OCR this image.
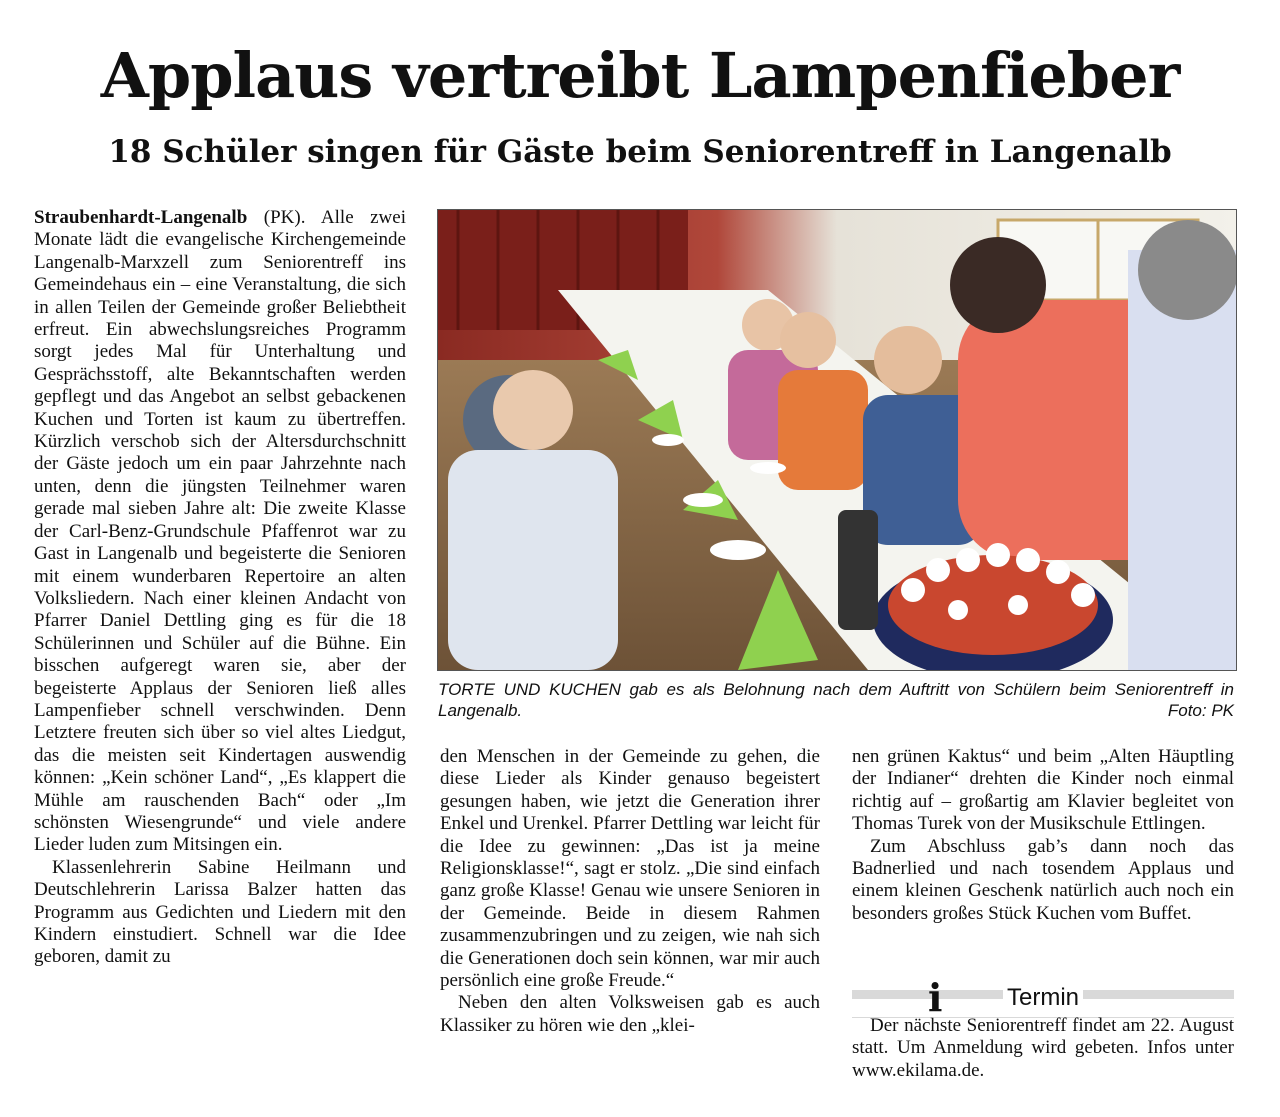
Applaus vertreibt Lampenfieber
18 Schüler singen für Gäste beim Seniorentreff in Langenalb

Straubenhardt-Langenalb (PK). Alle zwei Monate lädt die evangelische Kirchengemeinde Langenalb-Marxzell zum Seniorentreff ins Gemeindehaus ein – eine Veranstaltung, die sich in allen Teilen der Gemeinde großer Beliebtheit erfreut. Ein abwechslungsreiches Programm sorgt jedes Mal für Unterhaltung und Gesprächsstoff, alte Bekanntschaften werden gepflegt und das Angebot an selbst gebackenen Kuchen und Torten ist kaum zu übertreffen. Kürzlich verschob sich der Altersdurchschnitt der Gäste jedoch um ein paar Jahrzehnte nach unten, denn die jüngsten Teilnehmer waren gerade mal sieben Jahre alt: Die zweite Klasse der Carl-Benz-Grundschule Pfaffenrot war zu Gast in Langenalb und begeisterte die Senioren mit einem wunderbaren Repertoire an alten Volksliedern. Nach einer kleinen Andacht von Pfarrer Daniel Dettling ging es für die 18 Schülerinnen und Schüler auf die Bühne. Ein bisschen aufgeregt waren sie, aber der begeisterte Applaus der Senioren ließ alles Lampenfieber schnell verschwinden. Denn Letztere freuten sich über so viel altes Liedgut, das die meisten seit Kindertagen auswendig können: „Kein schöner Land“, „Es klappert die Mühle am rauschenden Bach“ oder „Im schönsten Wiesengrunde“ und viele andere Lieder luden zum Mitsingen ein.

Klassenlehrerin Sabine Heilmann und Deutschlehrerin Larissa Balzer hatten das Programm aus Gedichten und Liedern mit den Kindern einstudiert. Schnell war die Idee geboren, damit zu

TORTE UND KUCHEN gab es als Belohnung nach dem Auftritt von Schülern beim Seniorentreff in Langenalb.	Foto: PK

den Menschen in der Gemeinde zu gehen, die diese Lieder als Kinder genauso begeistert gesungen haben, wie jetzt die Generation ihrer Enkel und Urenkel. Pfarrer Dettling war leicht für die Idee zu gewinnen: „Das ist ja meine Religionsklasse!“, sagt er stolz. „Die sind einfach ganz große Klasse! Genau wie unsere Senioren in der Gemeinde. Beide in diesem Rahmen zusammenzubringen und zu zeigen, wie nah sich die Generationen doch sein können, war mir auch persönlich eine große Freude.“

Neben den alten Volksweisen gab es auch Klassiker zu hören wie den „klei-

nen grünen Kaktus“ und beim „Alten Häuptling der Indianer“ drehten die Kinder noch einmal richtig auf – großartig am Klavier begleitet von Thomas Turek von der Musikschule Ettlingen.

Zum Abschluss gab’s dann noch das Badnerlied und nach tosendem Applaus und einem kleinen Geschenk natürlich auch noch ein besonders großes Stück Kuchen vom Buffet.

i	Termin

Der nächste Seniorentreff findet am 22. August statt. Um Anmeldung wird gebeten. Infos unter www.ekilama.de.
